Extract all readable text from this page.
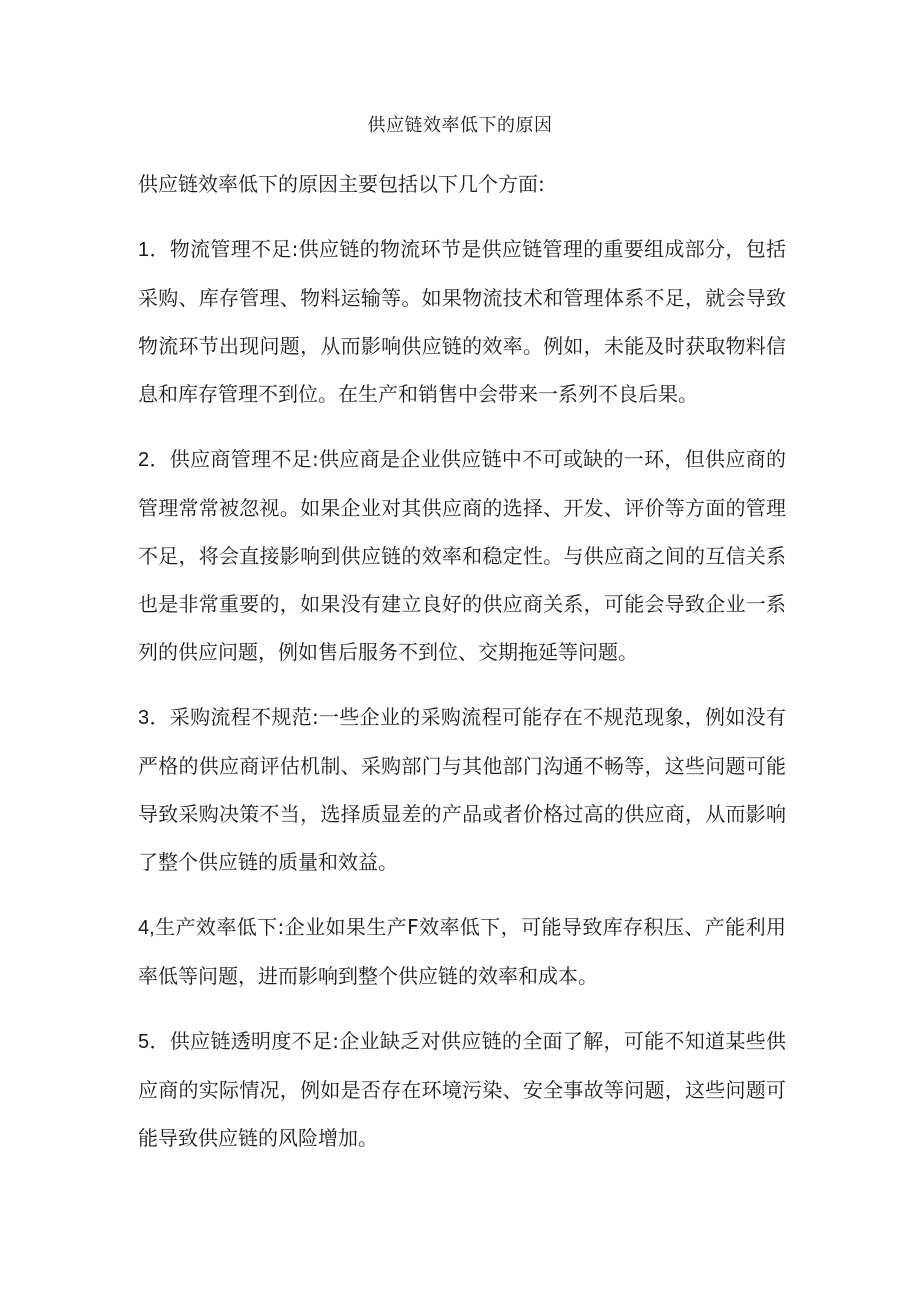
供应链效率低下的原因

供应链效率低下的原因主要包括以下几个方面:

1．物流管理不足:供应链的物流环节是供应链管理的重要组成部分，包括采购、库存管理、物料运输等。如果物流技术和管理体系不足，就会导致物流环节出现问题，从而影响供应链的效率。例如，未能及时获取物料信息和库存管理不到位。在生产和销售中会带来一系列不良后果。

2．供应商管理不足:供应商是企业供应链中不可或缺的一环，但供应商的管理常常被忽视。如果企业对其供应商的选择、开发、评价等方面的管理不足，将会直接影响到供应链的效率和稳定性。与供应商之间的互信关系也是非常重要的，如果没有建立良好的供应商关系，可能会导致企业一系列的供应问题，例如售后服务不到位、交期拖延等问题。

3．采购流程不规范:一些企业的采购流程可能存在不规范现象，例如没有严格的供应商评估机制、采购部门与其他部门沟通不畅等，这些问题可能导致采购决策不当，选择质显差的产品或者价格过高的供应商，从而影响了整个供应链的质量和效益。

4,生产效率低下:企业如果生产F效率低下，可能导致库存积压、产能利用率低等问题，进而影响到整个供应链的效率和成本。

5．供应链透明度不足:企业缺乏对供应链的全面了解，可能不知道某些供应商的实际情况，例如是否存在环境污染、安全事故等问题，这些问题可能导致供应链的风险增加。
